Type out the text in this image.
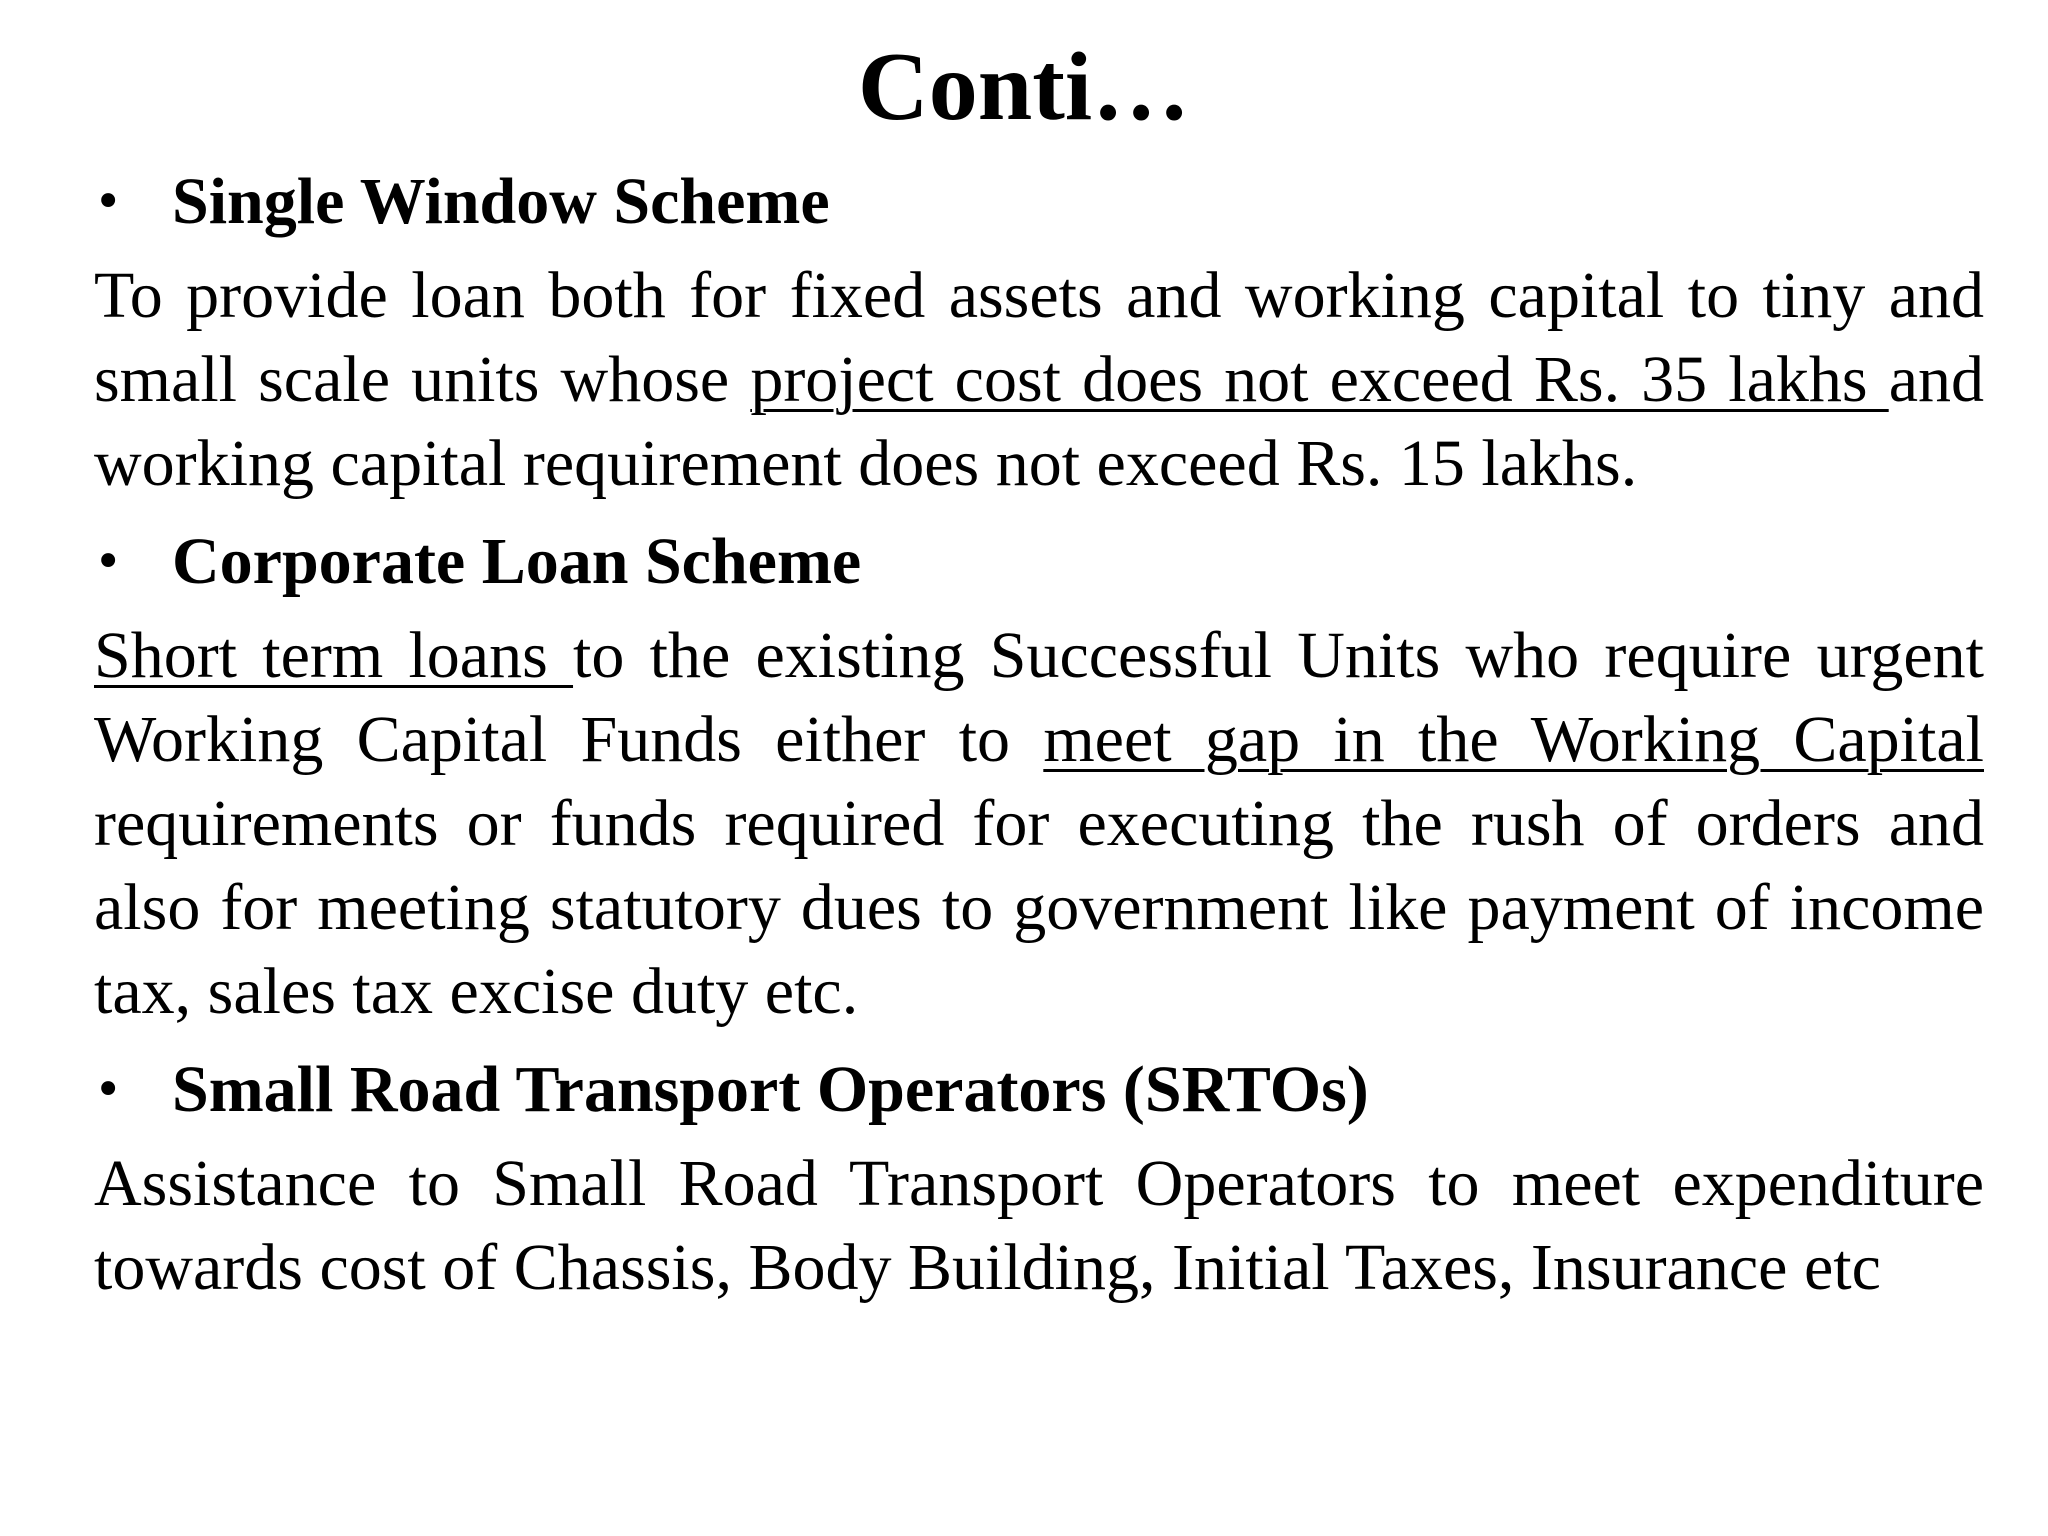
Conti…

• Single Window Scheme

To provide loan both for fixed assets and working capital to tiny and small scale units whose project cost does not exceed Rs. 35 lakhs and working capital requirement does not exceed Rs. 15 lakhs.

• Corporate Loan Scheme

Short term loans to the existing Successful Units who require urgent Working Capital Funds either to meet gap in the Working Capital requirements or funds required for executing the rush of orders and also for meeting statutory dues to government like payment of income tax, sales tax excise duty etc.

• Small Road Transport Operators (SRTOs)

Assistance to Small Road Transport Operators to meet expenditure towards cost of Chassis, Body Building, Initial Taxes, Insurance etc
